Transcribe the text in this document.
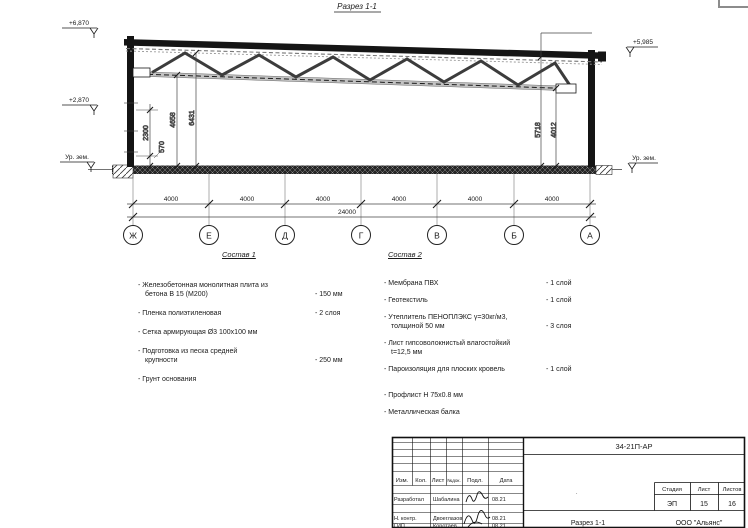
Разрез 1-1
+6,870
+2,870
Ур. зем.
+5,985
Ур. зем.
2300
570
4658 6431
5718 4012
4000	4000	4000	4000	4000	4000
24000
Ж	Е	Д	Г	В	Б	А
34-21П-АР
Изм. Кол. Лист №док. Подл.	Дата
Разработал Шабалина	08.21
Н. контр.	Двоеглазов	08.21
ГИП	Коротаев	08.21
Стадия	Лист Листов
ЭП	15	16
.
Разрез 1-1	ООО "Альянс"
Состав 1	Состав 2
- Железобетонная монолитная плита из бетона В 15 (М200)	- 150 мм
- Пленка полиэтиленовая	- 2 слоя
- Сетка армирующая Ø3 100х100 мм
- Подготовка из песка средней крупности	- 250 мм
- Грунт основания
- Мембрана ПВХ	- 1 слой
- Геотекстиль	- 1 слой
- Утеплитель ПЕНОПЛЭКС γ=30кг/м3, толщиной 50 мм	- 3 слоя
- Лист гипсоволокнистый влагостойкий t=12,5 мм
- Пароизоляция для плоских кровель	- 1 слой
- Профлист Н 75х0.8 мм
- Металлическая балка
